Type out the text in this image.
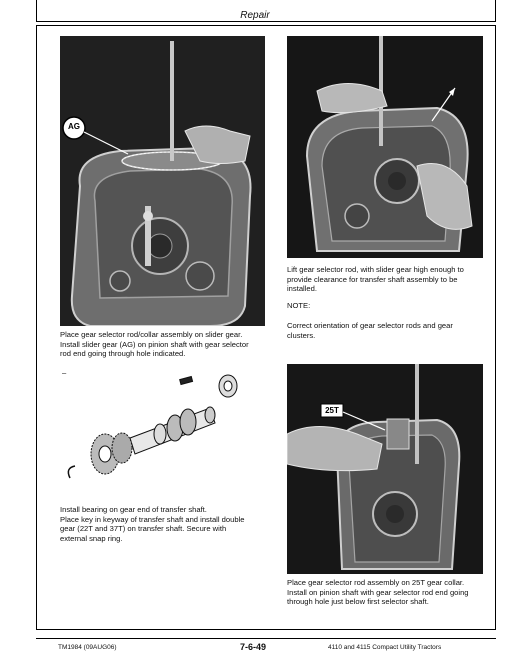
Repair
AG
Place gear selector rod/collar assembly on slider gear.
Install slider gear (AG) on pinion shaft with gear selector
rod end going through hole indicated.
–
Install bearing on gear end of transfer shaft.
Place key in keyway of transfer shaft and install double
gear (22T and 37T) on transfer shaft. Secure with
external snap ring.
Lift gear selector rod, with slider gear high enough to
provide clearance for transfer shaft assembly to be
installed.
NOTE:
Correct orientation of gear selector rods and gear
clusters.
25T
Place gear selector rod assembly on 25T gear collar.
Install on pinion shaft with gear selector rod end going
through hole just below first selector shaft.
TM1984 (09AUG06)	7-6-49	4110 and 4115 Compact Utility Tractors
